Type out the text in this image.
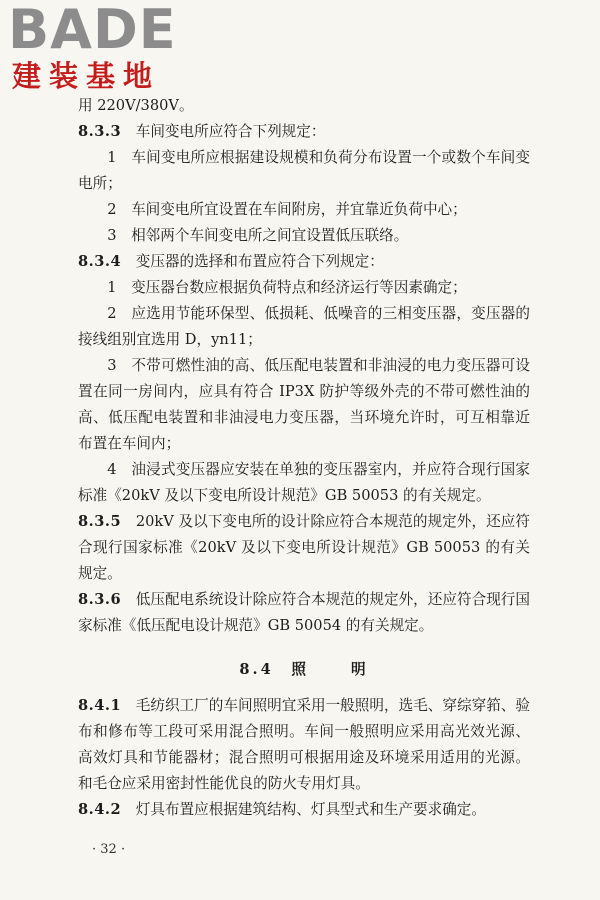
BADE
建装基地

用 220V/380V。

8.3.3　 车间变电所应符合下列规定：

1　车间变电所应根据建设规模和负荷分布设置一个或数个车间变电所；

2　车间变电所宜设置在车间附房，并宜靠近负荷中心；

3　相邻两个车间变电所之间宜设置低压联络。

8.3.4　 变压器的选择和布置应符合下列规定：

1　变压器台数应根据负荷特点和经济运行等因素确定；

2　应选用节能环保型、低损耗、低噪音的三相变压器，变压器的接线组别宜选用 D，yn11；

3　不带可燃性油的高、低压配电装置和非油浸的电力变压器可设置在同一房间内，应具有符合 IP3X 防护等级外壳的不带可燃性油的高、低压配电装置和非油浸电力变压器，当环境允许时，可互相靠近布置在车间内；

4　油浸式变压器应安装在单独的变压器室内，并应符合现行国家标准《20kV 及以下变电所设计规范》GB 50053 的有关规定。

8.3.5　 20kV 及以下变电所的设计除应符合本规范的规定外，还应符合现行国家标准《20kV 及以下变电所设计规范》GB 50053 的有关规定。

8.3.6　 低压配电系统设计除应符合本规范的规定外，还应符合现行国家标准《低压配电设计规范》GB 50054 的有关规定。

8.4　 照	明

8.4.1　 毛纺织工厂的车间照明宜采用一般照明，选毛、穿综穿筘、验布和修布等工段可采用混合照明。车间一般照明应采用高光效光源、高效灯具和节能器材；混合照明可根据用途及环境采用适用的光源。和毛仓应采用密封性能优良的防火专用灯具。

8.4.2　 灯具布置应根据建筑结构、灯具型式和生产要求确定。

· 32 ·
